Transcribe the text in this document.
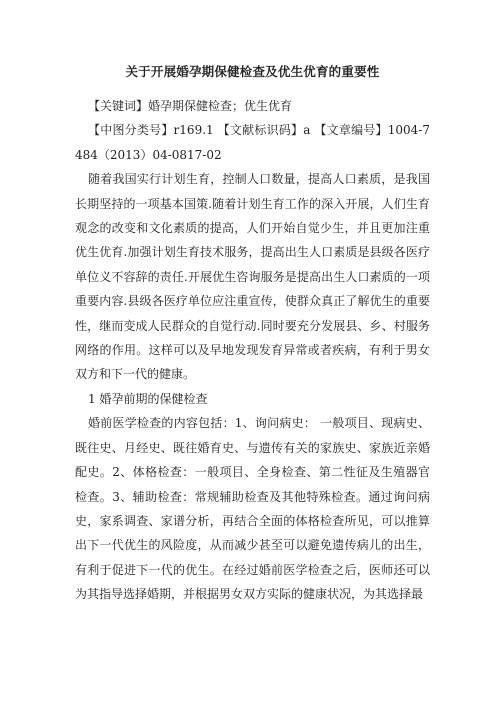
关于开展婚孕期保健检查及优生优育的重要性

【关键词】婚孕期保健检查；优生优育

【中图分类号】r169.1 【文献标识码】a 【文章编号】1004-7484（2013）04-0817-02

随着我国实行计划生育，控制人口数量，提高人口素质，是我国长期坚持的一项基本国策.随着计划生育工作的深入开展，人们生育观念的改变和文化素质的提高，人们开始自觉少生，并且更加注重优生优育.加强计划生育技术服务，提高出生人口素质是县级各医疗单位义不容辞的责任.开展优生咨询服务是提高出生人口素质的一项重要内容.县级各医疗单位应注重宣传，使群众真正了解优生的重要性，继而变成人民群众的自觉行动.同时要充分发展县、乡、村服务网络的作用。这样可以及早地发现发育异常或者疾病，有利于男女双方和下一代的健康。

1 婚孕前期的保健检查

婚前医学检查的内容包括：1、询问病史： 一般项目、现病史、既往史、月经史、既往婚育史、与遗传有关的家族史、家族近亲婚配史。2、体格检查：一般项目、全身检查、第二性征及生殖器官检查。3、辅助检查：常规辅助检查及其他特殊检查。通过询问病史，家系调查、家谱分析，再结合全面的体格检查所见，可以推算出下一代优生的风险度，从而减少甚至可以避免遗传病儿的出生，有利于促进下一代的优生。在经过婚前医学检查之后，医师还可以为其指导选择婚期，并根据男女双方实际的健康状况，为其选择最
